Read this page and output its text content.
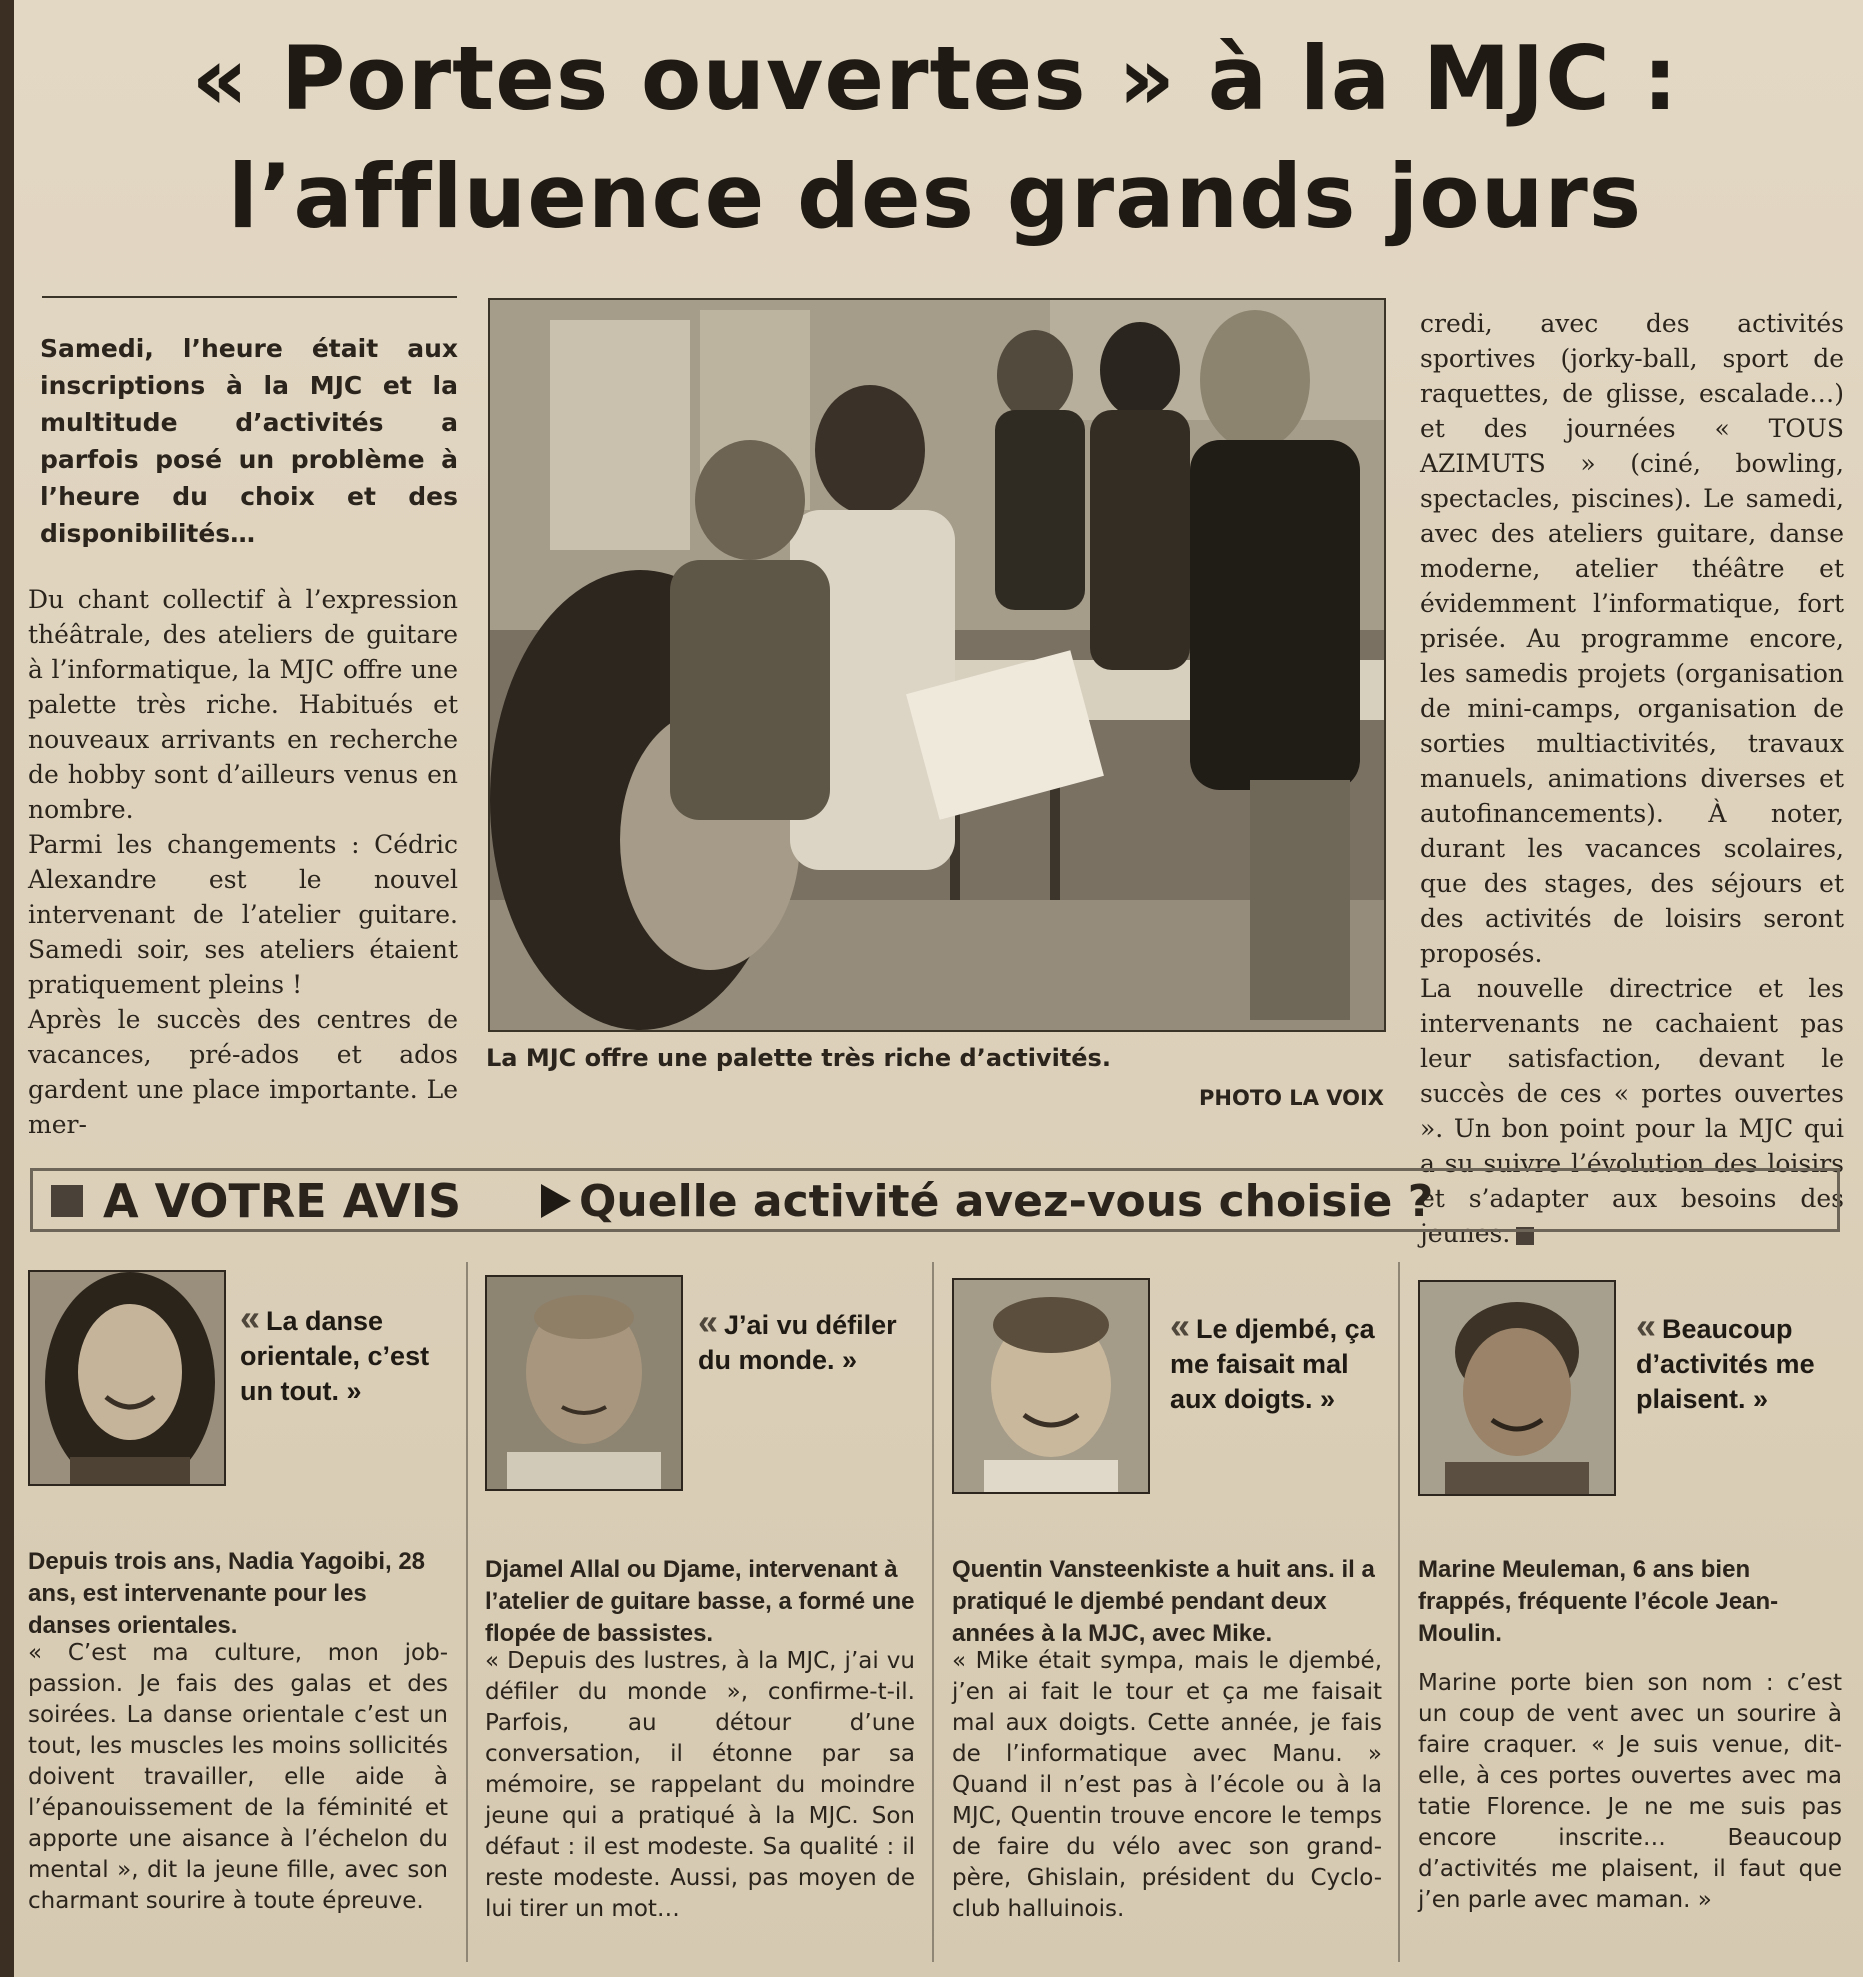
« Portes ouvertes » à la MJC :
l’affluence des grands jours
Samedi, l’heure était aux inscriptions à la MJC et la multitude d’activités a parfois posé un problème à l’heure du choix et des disponibilités…

Du chant collectif à l’expression théâtrale, des ateliers de guitare à l’informatique, la MJC offre une palette très riche. Habitués et nouveaux arrivants en recherche de hobby sont d’ailleurs venus en nombre.

Parmi les changements : Cédric Alexandre est le nouvel intervenant de l’atelier guitare. Samedi soir, ses ateliers étaient pratiquement pleins !

Après le succès des centres de vacances, pré-ados et ados gardent une place importante. Le mer-

La MJC offre une palette très riche d’activités.
PHOTO LA VOIX

credi, avec des activités sportives (jorky-ball, sport de raquettes, de glisse, escalade…) et des journées « TOUS AZIMUTS » (ciné, bowling, spectacles, piscines). Le samedi, avec des ateliers guitare, danse moderne, atelier théâtre et évidemment l’informatique, fort prisée. Au programme encore, les samedis projets (organisation de mini-camps, organisation de sorties multiactivités, travaux manuels, animations diverses et autofinancements). À noter, durant les vacances scolaires, que des stages, des séjours et des activités de loisirs seront proposés.

La nouvelle directrice et les intervenants ne cachaient pas leur satisfaction, devant le succès de ces « portes ouvertes ». Un bon point pour la MJC qui a su suivre l’évolution des loisirs et s’adapter aux besoins des jeunes.

A VOTRE AVIS	Quelle activité avez-vous choisie ?
« La danse orientale, c’est un tout. »
Depuis trois ans, Nadia Yagoibi, 28 ans, est intervenante pour les danses orientales.
« C’est ma culture, mon job-passion. Je fais des galas et des soirées. La danse orientale c’est un tout, les muscles les moins sollicités doivent travailler, elle aide à l’épanouissement de la féminité et apporte une aisance à l’échelon du mental », dit la jeune fille, avec son charmant sourire à toute épreuve.
« J’ai vu défiler du monde. »
Djamel Allal ou Djame, intervenant à l’atelier de guitare basse, a formé une flopée de bassistes.
« Depuis des lustres, à la MJC, j’ai vu défiler du monde », confirme-t-il. Parfois, au détour d’une conversation, il étonne par sa mémoire, se rappelant du moindre jeune qui a pratiqué à la MJC. Son défaut : il est modeste. Sa qualité : il reste modeste. Aussi, pas moyen de lui tirer un mot…
« Le djembé, ça me faisait mal aux doigts. »
Quentin Vansteenkiste a huit ans. il a pratiqué le djembé pendant deux années à la MJC, avec Mike.
« Mike était sympa, mais le djembé, j’en ai fait le tour et ça me faisait mal aux doigts. Cette année, je fais de l’informatique avec Manu. » Quand il n’est pas à l’école ou à la MJC, Quentin trouve encore le temps de faire du vélo avec son grand-père, Ghislain, président du Cyclo-club halluinois.
« Beaucoup d’activités me plaisent. »
Marine Meuleman, 6 ans bien frappés, fréquente l’école Jean-Moulin.
Marine porte bien son nom : c’est un coup de vent avec un sourire à faire craquer. « Je suis venue, dit-elle, à ces portes ouvertes avec ma tatie Florence. Je ne me suis pas encore inscrite… Beaucoup d’activités me plaisent, il faut que j’en parle avec maman. »
